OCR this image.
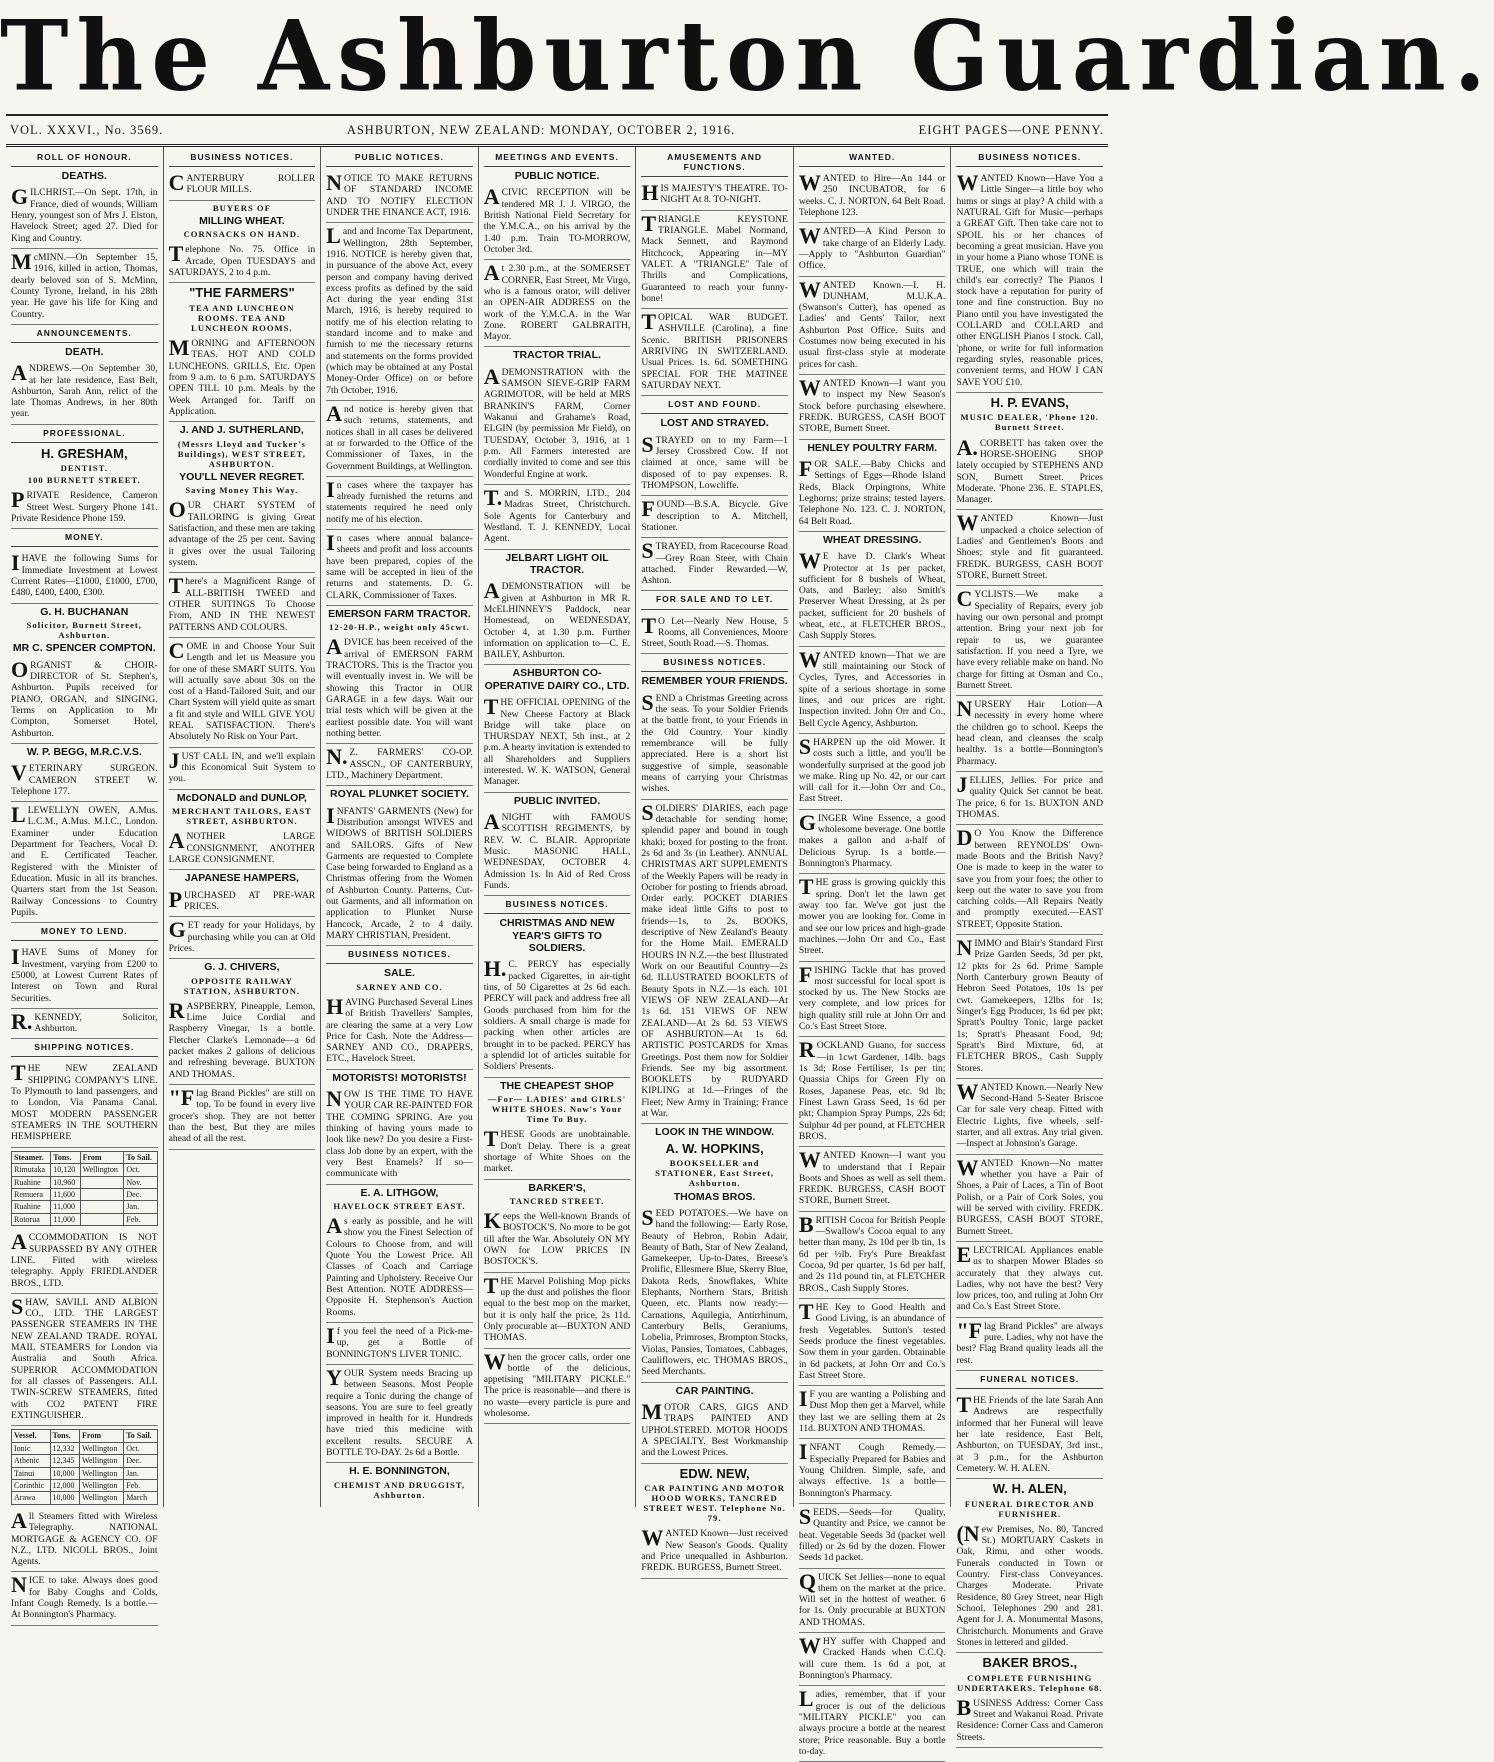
The Ashburton Guardian.
VOL. XXXVI., No. 3569.	ASHBURTON, NEW ZEALAND: MONDAY, OCTOBER 2, 1916.	EIGHT PAGES—ONE PENNY.
ROLL OF HONOUR.
DEATHS.
GILCHRIST.—On Sept. 17th, in France, died of wounds, William Henry, youngest son of Mrs J. Elston, Havelock Street; aged 27. Died for King and Country.
McMINN.—On September 15, 1916, killed in action, Thomas, dearly beloved son of S. McMinn, County Tyrone, Ireland, in his 28th year. He gave his life for King and Country.
ANNOUNCEMENTS.
DEATH.
ANDREWS.—On September 30, at her late residence, East Belt, Ashburton, Sarah Ann, relict of the late Thomas Andrews, in her 80th year.
PROFESSIONAL.
H. GRESHAM,
DENTIST.
100 BURNETT STREET.
PRIVATE Residence, Cameron Street West. Surgery Phone 141. Private Residence Phone 159.
MONEY.
IHAVE the following Sums for Immediate Investment at Lowest Current Rates—£1000, £1000, £700, £480, £400, £400, £300.
G. H. BUCHANAN
Solicitor, Burnett Street, Ashburton.
MR C. SPENCER COMPTON.
ORGANIST & CHOIR-DIRECTOR of St. Stephen's, Ashburton. Pupils received for PIANO, ORGAN, and SINGING. Terms on Application to Mr Compton, Somerset Hotel, Ashburton.
W. P. BEGG, M.R.C.V.S.
VETERINARY SURGEON. CAMERON STREET W. Telephone 177.
LLEWELLYN OWEN, A.Mus. L.C.M., A.Mus. M.I.C., London. Examiner under Education Department for Teachers, Vocal D. and E. Certificated Teacher. Registered with the Minister of Education. Music in all its branches. Quarters start from the 1st Season. Railway Concessions to Country Pupils.
MONEY TO LEND.
IHAVE Sums of Money for Investment, varying from £200 to £5000, at Lowest Current Rates of Interest on Town and Rural Securities.
R.KENNEDY, Solicitor, Ashburton.
SHIPPING NOTICES.
THE NEW ZEALAND SHIPPING COMPANY'S LINE. To Plymouth to land passengers, and to London, Via Panama Canal. MOST MODERN PASSENGER STEAMERS IN THE SOUTHERN HEMISPHERE
Steamer.	Tons.	From	To Sail.
Rimutaka	10,120	Wellington	Oct.
Ruahine	10,960		Nov.
Remuera	11,600		Dec.
Ruahine	11,000		Jan.
Rotorua	11,000		Feb.
ACCOMMODATION IS NOT SURPASSED BY ANY OTHER LINE. Fitted with wireless telegraphy. Apply FRIEDLANDER BROS., LTD.
SHAW, SAVILL AND ALBION CO., LTD. THE LARGEST PASSENGER STEAMERS IN THE NEW ZEALAND TRADE. ROYAL MAIL STEAMERS for London via Australia and South Africa. SUPERIOR ACCOMMODATION for all classes of Passengers. ALL TWIN-SCREW STEAMERS, fitted with CO2 PATENT FIRE EXTINGUISHER.
Vessel.	Tons.	From	To Sail.
Ionic	12,332	Wellington	Oct.
Athenic	12,345	Wellington	Dec.
Tainui	10,000	Wellington	Jan.
Corinthic	12,000	Wellington	Feb.
Arawa	10,000	Wellington	March
All Steamers fitted with Wireless Telegraphy. NATIONAL MORTGAGE & AGENCY CO. OF N.Z., LTD. NICOLL BROS., Joint Agents.
NICE to take. Always does good for Baby Coughs and Colds, Infant Cough Remedy. Is a bottle.—At Bonnington's Pharmacy.
BUSINESS NOTICES.
CANTERBURY ROLLER FLOUR MILLS.
BUYERS OF
MILLING WHEAT.
CORNSACKS ON HAND.
Telephone No. 75. Office in Arcade, Open TUESDAYS and SATURDAYS, 2 to 4 p.m.
"THE FARMERS"
TEA AND LUNCHEON ROOMS. TEA AND LUNCHEON ROOMS.
MORNING and AFTERNOON TEAS. HOT AND COLD LUNCHEONS. GRILLS, Etc. Open from 9 a.m. to 6 p.m. SATURDAYS OPEN TILL 10 p.m. Meals by the Week Arranged for. Tariff on Application.
J. AND J. SUTHERLAND,
(Messrs Lloyd and Tucker's Buildings), WEST STREET, ASHBURTON.
YOU'LL NEVER REGRET.
Saving Money This Way.
OUR CHART SYSTEM of TAILORING is giving Great Satisfaction, and these men are taking advantage of the 25 per cent. Saving it gives over the usual Tailoring system.
There's a Magnificent Range of ALL-BRITISH TWEED and OTHER SUITINGS To Choose From, AND IN THE NEWEST PATTERNS AND COLOURS.
COME in and Choose Your Suit Length and let us Measure you for one of these SMART SUITS. You will actually save about 30s on the cost of a Hand-Tailored Suit, and our Chart System will yield quite as smart a fit and style and WILL GIVE YOU REAL SATISFACTION. There's Absolutely No Risk on Your Part.
JUST CALL IN, and we'll explain this Economical Suit System to you.
McDONALD and DUNLOP,
MERCHANT TAILORS, EAST STREET, ASHBURTON.
ANOTHER LARGE CONSIGNMENT, ANOTHER LARGE CONSIGNMENT.
JAPANESE HAMPERS,
PURCHASED AT PRE-WAR PRICES.
GET ready for your Holidays, by purchasing while you can at Old Prices.
G. J. CHIVERS,
OPPOSITE RAILWAY STATION, ASHBURTON.
RASPBERRY, Pineapple, Lemon, Lime Juice Cordial and Raspberry Vinegar, 1s a bottle. Fletcher Clarke's Lemonade—a 6d packet makes 2 gallons of delicious and refreshing beverage. BUXTON AND THOMAS.
"Flag Brand Pickles" are still on top. To be found in every live grocer's shop. They are not better than the best, But they are miles ahead of all the rest.
PUBLIC NOTICES.
NOTICE TO MAKE RETURNS OF STANDARD INCOME AND TO NOTIFY ELECTION UNDER THE FINANCE ACT, 1916.
Land and Income Tax Department, Wellington, 28th September, 1916. NOTICE is hereby given that, in pursuance of the above Act, every person and company having derived excess profits as defined by the said Act during the year ending 31st March, 1916, is hereby required to notify me of his election relating to standard income and to make and furnish to me the necessary returns and statements on the forms provided (which may be obtained at any Postal Money-Order Office) on or before 7th October, 1916.
And notice is hereby given that such returns, statements, and notices shall in all cases be delivered at or forwarded to the Office of the Commissioner of Taxes, in the Government Buildings, at Wellington.
In cases where the taxpayer has already furnished the returns and statements required he need only notify me of his election.
In cases where annual balance-sheets and profit and loss accounts have been prepared, copies of the same will be accepted in lieu of the returns and statements. D. G. CLARK, Commissioner of Taxes.
EMERSON FARM TRACTOR.
12-20-H.P., weight only 45cwt.
ADVICE has been received of the arrival of EMERSON FARM TRACTORS. This is the Tractor you will eventually invest in. We will be showing this Tractor in OUR GARAGE in a few days. Wait our trial tests which will be given at the earliest possible date. You will want nothing better.
N.Z. FARMERS' CO-OP. ASSCN., OF CANTERBURY, LTD., Machinery Department.
ROYAL PLUNKET SOCIETY.
INFANTS' GARMENTS (New) for Distribution amongst WIVES and WIDOWS of BRITISH SOLDIERS and SAILORS. Gifts of New Garments are requested to Complete Case being forwarded to England as a Christmas offering from the Women of Ashburton County. Patterns, Cut-out Garments, and all information on application to Plunket Nurse Hancock, Arcade, 2 to 4 daily. MARY CHRISTIAN, President.
BUSINESS NOTICES.
SALE.
SARNEY AND CO.
HAVING Purchased Several Lines of British Travellers' Samples, are clearing the same at a very Low Price for Cash. Note the Address—SARNEY AND CO., DRAPERS, ETC., Havelock Street.
MOTORISTS! MOTORISTS!
NOW IS THE TIME TO HAVE YOUR CAR RE-PAINTED FOR THE COMING SPRING. Are you thinking of having yours made to look like new? Do you desire a First-class Job done by an expert, with the very Best Enamels? If so—communicate with
E. A. LITHGOW,
HAVELOCK STREET EAST.
As early as possible, and he will show you the Finest Selection of Colours to Choose from, and will Quote You the Lowest Price. All Classes of Coach and Carriage Painting and Upholstery. Receive Our Best Attention. NOTE ADDRESS—Opposite H. Stephenson's Auction Rooms.
If you feel the need of a Pick-me-up, get a Bottle of BONNINGTON'S LIVER TONIC.
YOUR System needs Bracing up between Seasons. Most People require a Tonic during the change of seasons. You are sure to feel greatly improved in health for it. Hundreds have tried this medicine with excellent results. SECURE A BOTTLE TO-DAY. 2s 6d a Bottle.
H. E. BONNINGTON,
CHEMIST AND DRUGGIST, Ashburton.
MEETINGS AND EVENTS.
PUBLIC NOTICE.
ACIVIC RECEPTION will be tendered MR J. J. VIRGO, the British National Field Secretary for the Y.M.C.A., on his arrival by the 1.40 p.m. Train TO-MORROW, October 3rd.
At 2.30 p.m., at the SOMERSET CORNER, East Street, Mr Virgo, who is a famous orator, will deliver an OPEN-AIR ADDRESS on the work of the Y.M.C.A. in the War Zone. ROBERT GALBRAITH, Mayor.
TRACTOR TRIAL.
ADEMONSTRATION with the SAMSON SIEVE-GRIP FARM AGRIMOTOR, will be held at MRS BRANKIN'S FARM, Corner Wakanui and Grahame's Road, ELGIN (by permission Mr Field), on TUESDAY, October 3, 1916, at 1 p.m. All Farmers interested are cordially invited to come and see this Wonderful Engine at work.
T.and S. MORRIN, LTD., 204 Madras Street, Christchurch. Sole Agents for Canterbury and Westland. T. J. KENNEDY, Local Agent.
JELBART LIGHT OIL TRACTOR.
ADEMONSTRATION will be given at Ashburton in MR R. McELHINNEY'S Paddock, near Homestead, on WEDNESDAY, October 4, at 1.30 p.m. Further information on application to—C. E. BAILEY, Ashburton.
ASHBURTON CO-OPERATIVE DAIRY CO., LTD.
THE OFFICIAL OPENING of the New Cheese Factory at Black Bridge will take place on THURSDAY NEXT, 5th inst., at 2 p.m. A hearty invitation is extended to all Shareholders and Suppliers interested. W. K. WATSON, General Manager.
PUBLIC INVITED.
ANIGHT with FAMOUS SCOTTISH REGIMENTS, by REV. W. C. BLAIR. Appropriate Music. MASONIC HALL, WEDNESDAY, OCTOBER 4. Admission 1s. In Aid of Red Cross Funds.
BUSINESS NOTICES.
CHRISTMAS AND NEW YEAR'S GIFTS TO SOLDIERS.
H.C. PERCY has especially packed Cigarettes, in air-tight tins, of 50 Cigarettes at 2s 6d each. PERCY will pack and address free all Goods purchased from him for the soldiers. A small charge is made for packing when other articles are brought in to be packed. PERCY has a splendid lot of articles suitable for Soldiers' Presents.
THE CHEAPEST SHOP
—For— LADIES' and GIRLS' WHITE SHOES. Now's Your Time To Buy.
THESE Goods are unobtainable. Don't Delay. There is a great shortage of White Shoes on the market.
BARKER'S,
TANCRED STREET.
Keeps the Well-known Brands of BOSTOCK'S. No more to be got till after the War. Absolutely ON MY OWN for LOW PRICES IN BOSTOCK'S.
THE Marvel Polishing Mop picks up the dust and polishes the floor equal to the best mop on the market, but it is only half the price, 2s 11d. Only procurable at—BUXTON AND THOMAS.
When the grocer calls, order one bottle of the delicious, appetising "MILITARY PICKLE." The price is reasonable—and there is no waste—every particle is pure and wholesome.
AMUSEMENTS AND FUNCTIONS.
HIS MAJESTY'S THEATRE. TO-NIGHT At 8. TO-NIGHT.
TRIANGLE KEYSTONE TRIANGLE. Mabel Normand, Mack Sennett, and Raymond Hitchcock, Appearing in—MY VALET. A "TRIANGLE" Tale of Thrills and Complications, Guaranteed to reach your funny-bone!
TOPICAL WAR BUDGET. ASHVILLE (Carolina), a fine Scenic. BRITISH PRISONERS ARRIVING IN SWITZERLAND. Usual Prices. 1s. 6d. SOMETHING SPECIAL FOR THE MATINEE SATURDAY NEXT.
LOST AND FOUND.
LOST AND STRAYED.
STRAYED on to my Farm—1 Jersey Crossbred Cow. If not claimed at once, same will be disposed of to pay expenses. R. THOMPSON, Lowcliffe.
FOUND—B.S.A. Bicycle. Give description to A. Mitchell, Stationer.
STRAYED, from Racecourse Road—Grey Roan Steer, with Chain attached. Finder Rewarded.—W. Ashton.
FOR SALE AND TO LET.
TO Let—Nearly New House, 5 Rooms, all Conveniences, Moore Street, South Road.—S. Thomas.
BUSINESS NOTICES.
REMEMBER YOUR FRIENDS.
SEND a Christmas Greeting across the seas. To your Soldier Friends at the battle front, to your Friends in the Old Country. Your kindly remembrance will be fully appreciated. Here is a short list suggestive of simple, seasonable means of carrying your Christmas wishes.
SOLDIERS' DIARIES, each page detachable for sending home; splendid paper and bound in tough khaki; boxed for posting to the front. 2s 6d and 3s (in Leather). ANNUAL CHRISTMAS ART SUPPLEMENTS of the Weekly Papers will be ready in October for posting to friends abroad. Order early. POCKET DIARIES make ideal little Gifts to post to friends—1s, to 2s. BOOKS, descriptive of New Zealand's Beauty for the Home Mail. EMERALD HOURS IN N.Z.—the best Illustrated Work on our Beautiful Country—2s 6d. ILLUSTRATED BOOKLETS of Beauty Spots in N.Z.—1s each. 101 VIEWS OF NEW ZEALAND—At 1s 6d. 151 VIEWS OF NEW ZEALAND—At 2s 6d. 53 VIEWS OF ASHBURTON—At 1s 6d. ARTISTIC POSTCARDS for Xmas Greetings. Post them now for Soldier Friends. See my big assortment. BOOKLETS by RUDYARD KIPLING at 1d.—Fringes of the Fleet; New Army in Training; France at War.
LOOK IN THE WINDOW.
A. W. HOPKINS,
BOOKSELLER and STATIONER, East Street, Ashburton.
THOMAS BROS.
SEED POTATOES.—We have on hand the following:— Early Rose, Beauty of Hebron, Robin Adair, Beauty of Bath, Star of New Zealand, Gamekeeper, Up-to-Dates, Breese's Prolific, Ellesmere Blue, Skerry Blue, Dakota Reds, Snowflakes, White Elephants, Northern Stars, British Queen, etc. Plants now ready:— Carnations, Aquilegia, Antirrhinum, Canterbury Bells, Geraniums, Lobelia, Primroses, Brompton Stocks, Violas, Pansies, Tomatoes, Cabbages, Cauliflowers, etc. THOMAS BROS., Seed Merchants.
CAR PAINTING.
MOTOR CARS, GIGS AND TRAPS PAINTED AND UPHOLSTERED. MOTOR HOODS A SPECIALTY. Best Workmanship and the Lowest Prices.
EDW. NEW,
CAR PAINTING AND MOTOR HOOD WORKS, TANCRED STREET WEST. Telephone No. 79.
WANTED Known—Just received New Season's Goods. Quality and Price unequalled in Ashburton. FREDK. BURGESS, Burnett Street.
WANTED.
WANTED to Hire—An 144 or 250 INCUBATOR, for 6 weeks. C. J. NORTON, 64 Belt Road. Telephone 123.
WANTED—A Kind Person to take charge of an Elderly Lady.—Apply to "Ashburton Guardian" Office.
WANTED Known.—I. H. DUNHAM, M.U.K.A. (Swanson's Cutter), has opened as Ladies' and Gents' Tailor, next Ashburton Post Office. Suits and Costumes now being executed in his usual first-class style at moderate prices for cash.
WANTED Known—I want you to inspect my New Season's Stock before purchasing elsewhere. FREDK. BURGESS, CASH BOOT STORE, Burnett Street.
HENLEY POULTRY FARM.
FOR SALE.—Baby Chicks and Settings of Eggs—Rhode Island Reds, Black Orpingtons, White Leghorns; prize strains; tested layers. Telephone No. 123. C. J. NORTON, 64 Belt Road.
WHEAT DRESSING.
WE have D. Clark's Wheat Protector at 1s per packet, sufficient for 8 bushels of Wheat, Oats, and Barley; also Smith's Preserver Wheat Dressing, at 2s per packet, sufficient for 20 bushels of wheat, etc., at FLETCHER BROS., Cash Supply Stores.
WANTED known—That we are still maintaining our Stock of Cycles, Tyres, and Accessories in spite of a serious shortage in some lines, and our prices are right. Inspection invited. John Orr and Co., Bell Cycle Agency, Ashburton.
SHARPEN up the old Mower. It costs such a little, and you'll be wonderfully surprised at the good job we make. Ring up No. 42, or our cart will call for it.—John Orr and Co., East Street.
GINGER Wine Essence, a good wholesome beverage. One bottle makes a gallon and a-half of Delicious Syrup. 1s a bottle.—Bonnington's Pharmacy.
THE grass is growing quickly this spring. Don't let the lawn get away too far. We've got just the mower you are looking for. Come in and see our low prices and high-grade machines.—John Orr and Co., East Street.
FISHING Tackle that has proved most successful for local sport is stocked by us. The New Stocks are very complete, and low prices for high quality still rule at John Orr and Co.'s East Street Store.
ROCKLAND Guano, for success—in 1cwt Gardener, 14lb. bags 1s 3d; Rose Fertiliser, 1s per tin; Quassia Chips for Green Fly on Roses, Japanese Peas, etc. 9d lb; Finest Lawn Grass Seed, 1s 6d per pkt; Champion Spray Pumps, 22s 6d; Sulphur 4d per pound, at FLETCHER BROS.
WANTED Known—I want you to understand that I Repair Boots and Shoes as well as sell them. FREDK. BURGESS, CASH BOOT STORE, Burnett Street.
BRITISH Cocoa for British People—Swallow's Cocoa equal to any better than many, 2s 10d per lb tin, 1s 6d per ½lb. Fry's Pure Breakfast Cocoa, 9d per quarter, 1s 6d per half, and 2s 11d pound tin, at FLETCHER BROS., Cash Supply Stores.
THE Key to Good Health and Good Living, is an abundance of fresh Vegetables. Sutton's tested Seeds produce the finest vegetables. Sow them in your garden. Obtainable in 6d packets, at John Orr and Co.'s East Street Store.
IF you are wanting a Polishing and Dust Mop then get a Marvel, while they last we are selling them at 2s 11d. BUXTON AND THOMAS.
INFANT Cough Remedy.—Especially Prepared for Babies and Young Children. Simple, safe, and always effective. 1s a bottle—Bonnington's Pharmacy.
SEEDS.—Seeds—for Quality, Quantity and Price, we cannot be beat. Vegetable Seeds 3d (packet well filled) or 2s 6d by the dozen. Flower Seeds 1d packet.
QUICK Set Jellies—none to equal them on the market at the price. Will set in the hottest of weather. 6 for 1s. Only procurable at BUXTON AND THOMAS.
WHY suffer with Chapped and Cracked Hands when C.C.Q. will cure them. 1s 6d a pot, at Bonnington's Pharmacy.
Ladies, remember, that if your grocer is out of the delicious "MILITARY PICKLE" you can always procure a bottle at the nearest store; Price reasonable. Buy a bottle to-day.
BUSINESS NOTICES.
WANTED Known—Have You a Little Singer—a little boy who hums or sings at play? A child with a NATURAL Gift for Music—perhaps a GREAT Gift. Then take care not to SPOIL his or her chances of becoming a great musician. Have you in your home a Piano whose TONE is TRUE, one which will train the child's ear correctly? The Pianos I stock have a reputation for purity of tone and fine construction. Buy no Piano until you have investigated the COLLARD and COLLARD and other ENGLISH Pianos I stock. Call, 'phone, or write for full information regarding styles, reasonable prices, convenient terms, and HOW I CAN SAVE YOU £10.
H. P. EVANS,
MUSIC DEALER, 'Phone 120. Burnett Street.
A.CORBETT has taken over the HORSE-SHOEING SHOP lately occupied by STEPHENS AND SON, Burnett Street. Prices Moderate. 'Phone 236. E. STAPLES, Manager.
WANTED Known—Just unpacked a choice selection of Ladies' and Gentlemen's Boots and Shoes; style and fit guaranteed. FREDK. BURGESS, CASH BOOT STORE, Burnett Street.
CYCLISTS.—We make a Speciality of Repairs, every job having our own personal and prompt attention. Bring your next job for repair to us, we guarantee satisfaction. If you need a Tyre, we have every reliable make on hand. No charge for fitting at Osman and Co., Burnett Street.
NURSERY Hair Lotion—A necessity in every home where the children go to school. Keeps the head clean, and cleanses the scalp healthy. 1s a bottle—Bonnington's Pharmacy.
JELLIES, Jellies. For price and quality Quick Set cannot be beat. The price, 6 for 1s. BUXTON AND THOMAS.
DO You Know the Difference between REYNOLDS' Own-made Boots and the British Navy? One is made to keep in the water to save you from your foes; the other to keep out the water to save you from catching colds.—All Repairs Neatly and promptly executed.—EAST STREET, Opposite Station.
NIMMO and Blair's Standard First Prize Garden Seeds, 3d per pkt, 12 pkts for 2s 6d. Prime Sample North Canterbury grown Beauty of Hebron Seed Potatoes, 10s 1s per cwt. Gamekeepers, 12lbs for 1s; Singer's Egg Producer, 1s 6d per pkt; Spratt's Poultry Tonic, large packet 1s; Spratt's Pheasant Food, 9d; Spratt's Bird Mixture, 6d, at FLETCHER BROS., Cash Supply Stores.
WANTED Known.—Nearly New Second-Hand 5-Seater Briscoe Car for sale very cheap. Fitted with Electric Lights, five wheels, self-starter, and all extras. Any trial given.—Inspect at Johnston's Garage.
WANTED Known—No matter whether you have a Pair of Shoes, a Pair of Laces, a Tin of Boot Polish, or a Pair of Cork Soles, you will be served with civility. FREDK. BURGESS, CASH BOOT STORE, Burnett Street.
ELECTRICAL Appliances enable us to sharpen Mower Blades so accurately that they always cut. Ladies, why not have the best? Very low prices, too, and ruling at John Orr and Co.'s East Street Store.
"Flag Brand Pickles" are always pure. Ladies, why not have the best? Flag Brand quality leads all the rest.
FUNERAL NOTICES.
THE Friends of the late Sarah Ann Andrews are respectfully informed that her Funeral will leave her late residence, East Belt, Ashburton, on TUESDAY, 3rd inst., at 3 p.m., for the Ashburton Cemetery. W. H. ALEN.
W. H. ALEN,
FUNERAL DIRECTOR AND FURNISHER.
(New Premises, No. 80, Tancred St.) MORTUARY Caskets in Oak, Rimu, and other woods. Funerals conducted in Town or Country. First-class Conveyances. Charges Moderate. Private Residence, 80 Grey Street, near High School. Telephones 290 and 281. Agent for J. A. Monumental Masons, Christchurch. Monuments and Grave Stones in lettered and gilded.
BAKER BROS.,
COMPLETE FURNISHING UNDERTAKERS. Telephone 68.
BUSINESS Address: Corner Cass Street and Wakanui Road. Private Residence: Corner Cass and Cameron Streets.
